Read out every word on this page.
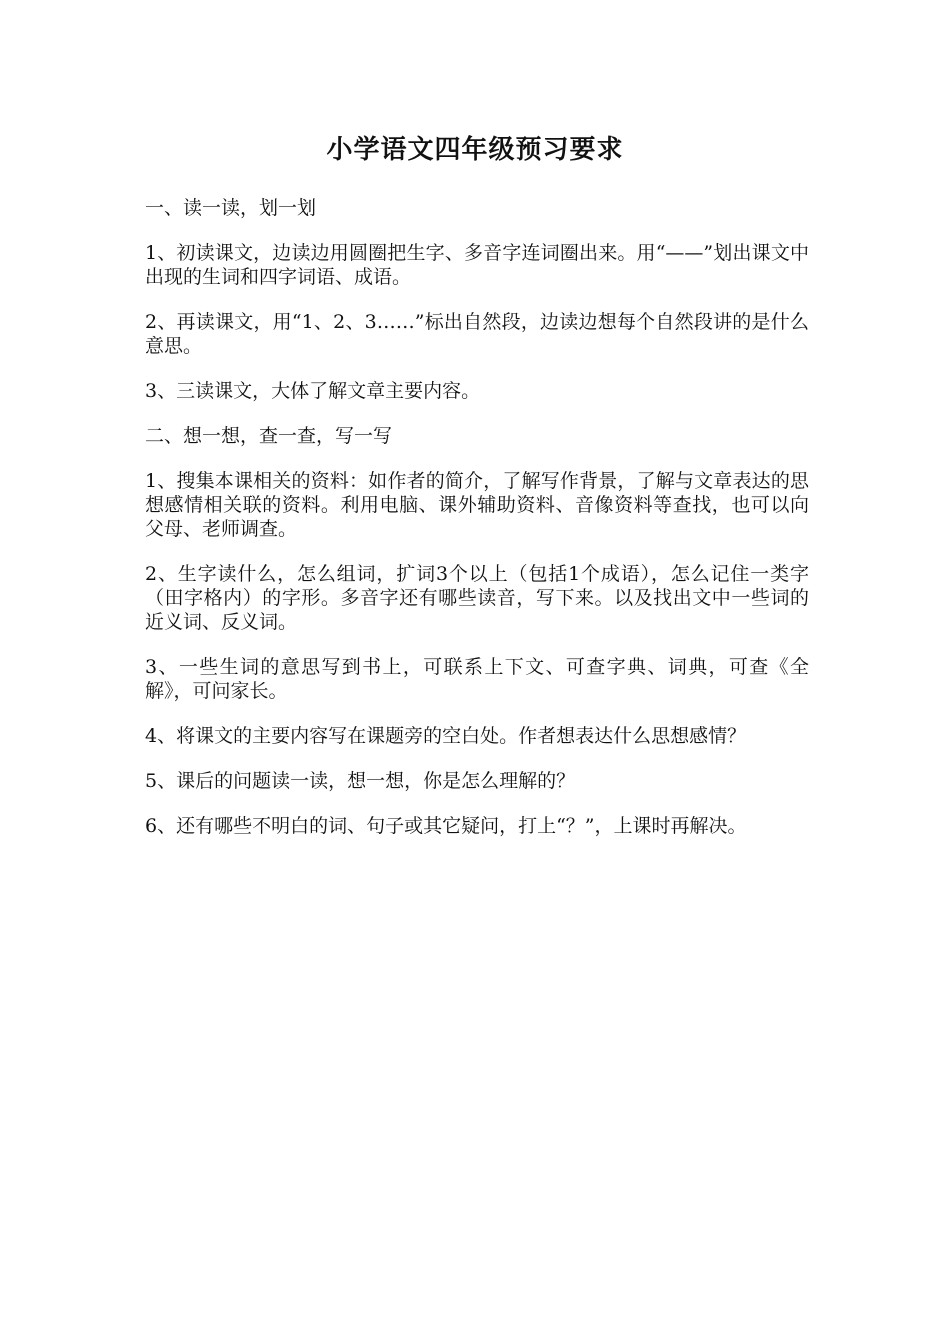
小学语文四年级预习要求

一、读一读，划一划

1、初读课文，边读边用圆圈把生字、多音字连词圈出来。用“——”划出课文中出现的生词和四字词语、成语。

2、再读课文，用“1、2、3……”标出自然段，边读边想每个自然段讲的是什么意思。

3、三读课文，大体了解文章主要内容。

二、想一想，查一查，写一写

1、搜集本课相关的资料：如作者的简介，了解写作背景，了解与文章表达的思想感情相关联的资料。利用电脑、课外辅助资料、音像资料等查找，也可以向父母、老师调查。

2、生字读什么，怎么组词，扩词3个以上（包括1个成语），怎么记住一类字（田字格内）的字形。多音字还有哪些读音，写下来。以及找出文中一些词的近义词、反义词。

3、一些生词的意思写到书上，可联系上下文、可查字典、词典，可查《全解》，可问家长。

4、将课文的主要内容写在课题旁的空白处。作者想表达什么思想感情？

5、课后的问题读一读，想一想，你是怎么理解的？

6、还有哪些不明白的词、句子或其它疑问，打上“？”，上课时再解决。
